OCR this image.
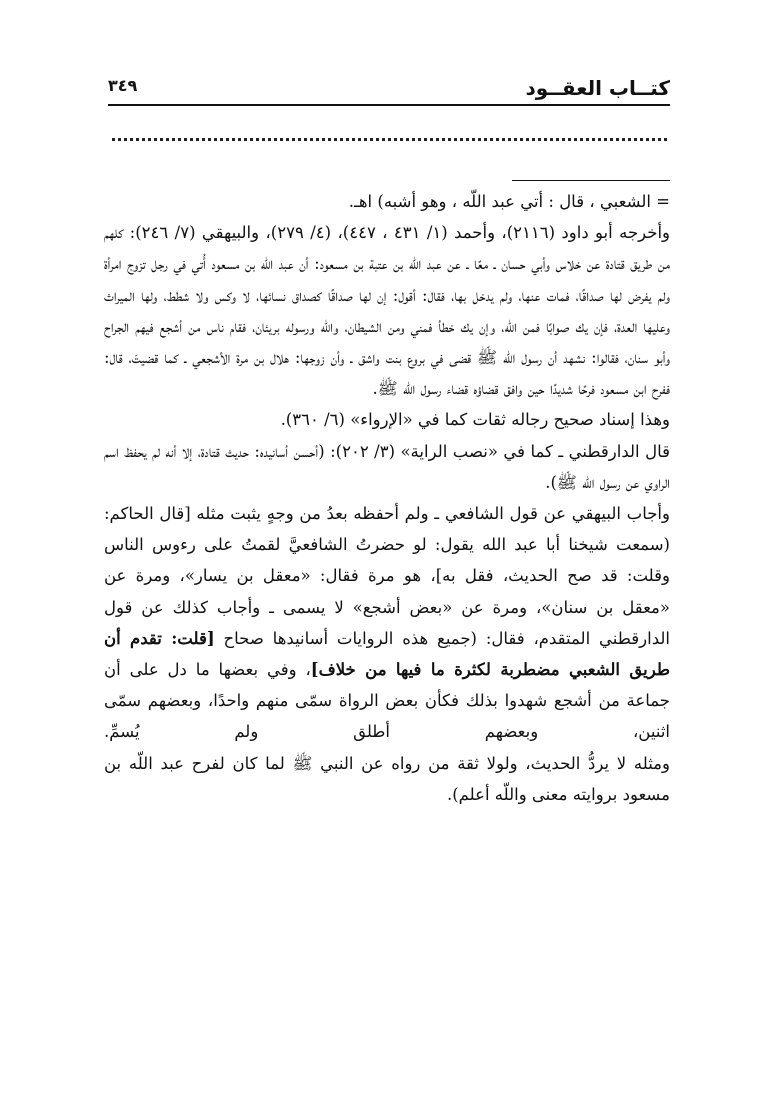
كتــاب العقــود
٣٤٩

= الشعبي ، قال : أتي عبد اللّه ، وهو أشبه) اهـ.

وأخرجه أبو داود (٢١١٦)، وأحمد (١/ ٤٣١ ، ٤٤٧)، (٤/ ٢٧٩)، والبيهقي (٧/ ٢٤٦): كلهم من طريق قتادة عن خلاس وأبي حسان ـ معًا ـ عن عبد اللّه بن عتبة بن مسعود: أن عبد اللّه بن مسعود أُتي في رجل تزوج امرأة ولم يفرض لها صداقًا، فمات عنها، ولم يدخل بها، فقال: أقول: إن لها صداقًا كصداق نسائها، لا وكس ولا شطط، ولها الميراث وعليها العدة، فإن يك صوابًا فمن اللّه، وإن يك خطأ فمني ومن الشيطان، واللّه ورسوله بريئان، فقام ناس من أشجع فيهم الجراح وأبو سنان، فقالوا: نشهد أن رسول اللّه ﷺ قضى في بروع بنت واشق ـ وأن زوجها: هلال بن مرة الأشجعي ـ كما قضيتَ، قال: ففرح ابن مسعود فرحًا شديدًا حين وافق قضاؤه قضاء رسول اللّه ﷺ.

وهذا إسناد صحيح رجاله ثقات كما في «الإرواء» (٦/ ٣٦٠).

قال الدارقطني ـ كما في «نصب الراية» (٣/ ٢٠٢): (أحسن أسانيده: حديث قتادة، إلا أنه لم يحفظ اسم الراوي عن رسول اللّه ﷺ).

وأجاب البيهقي عن قول الشافعي ـ ولم أحفظه بعدُ من وجهٍ يثبت مثله [قال الحاكم: (سمعت شيخنا أبا عبد الله يقول: لو حضرتُ الشافعيَّ لقمتُ على رءوس الناس وقلت: قد صح الحديث، فقل به]، هو مرة فقال: «معقل بن يسار»، ومرة عن «معقل بن سنان»، ومرة عن «بعض أشجع» لا يسمى ـ وأجاب كذلك عن قول الدارقطني المتقدم، فقال: (جميع هذه الروايات أسانيدها صحاح [قلت: تقدم أن طريق الشعبي مضطربة لكثرة ما فيها من خلاف]، وفي بعضها ما دل على أن جماعة من أشجع شهدوا بذلك فكأن بعض الرواة سمّى منهم واحدًا، وبعضهم سمّى اثنين، وبعضهم أطلق ولم يُسمِّ.

ومثله لا يردُّ الحديث، ولولا ثقة من رواه عن النبي ﷺ لما كان لفرح عبد اللّه بن مسعود بروايته معنى واللّه أعلم).
